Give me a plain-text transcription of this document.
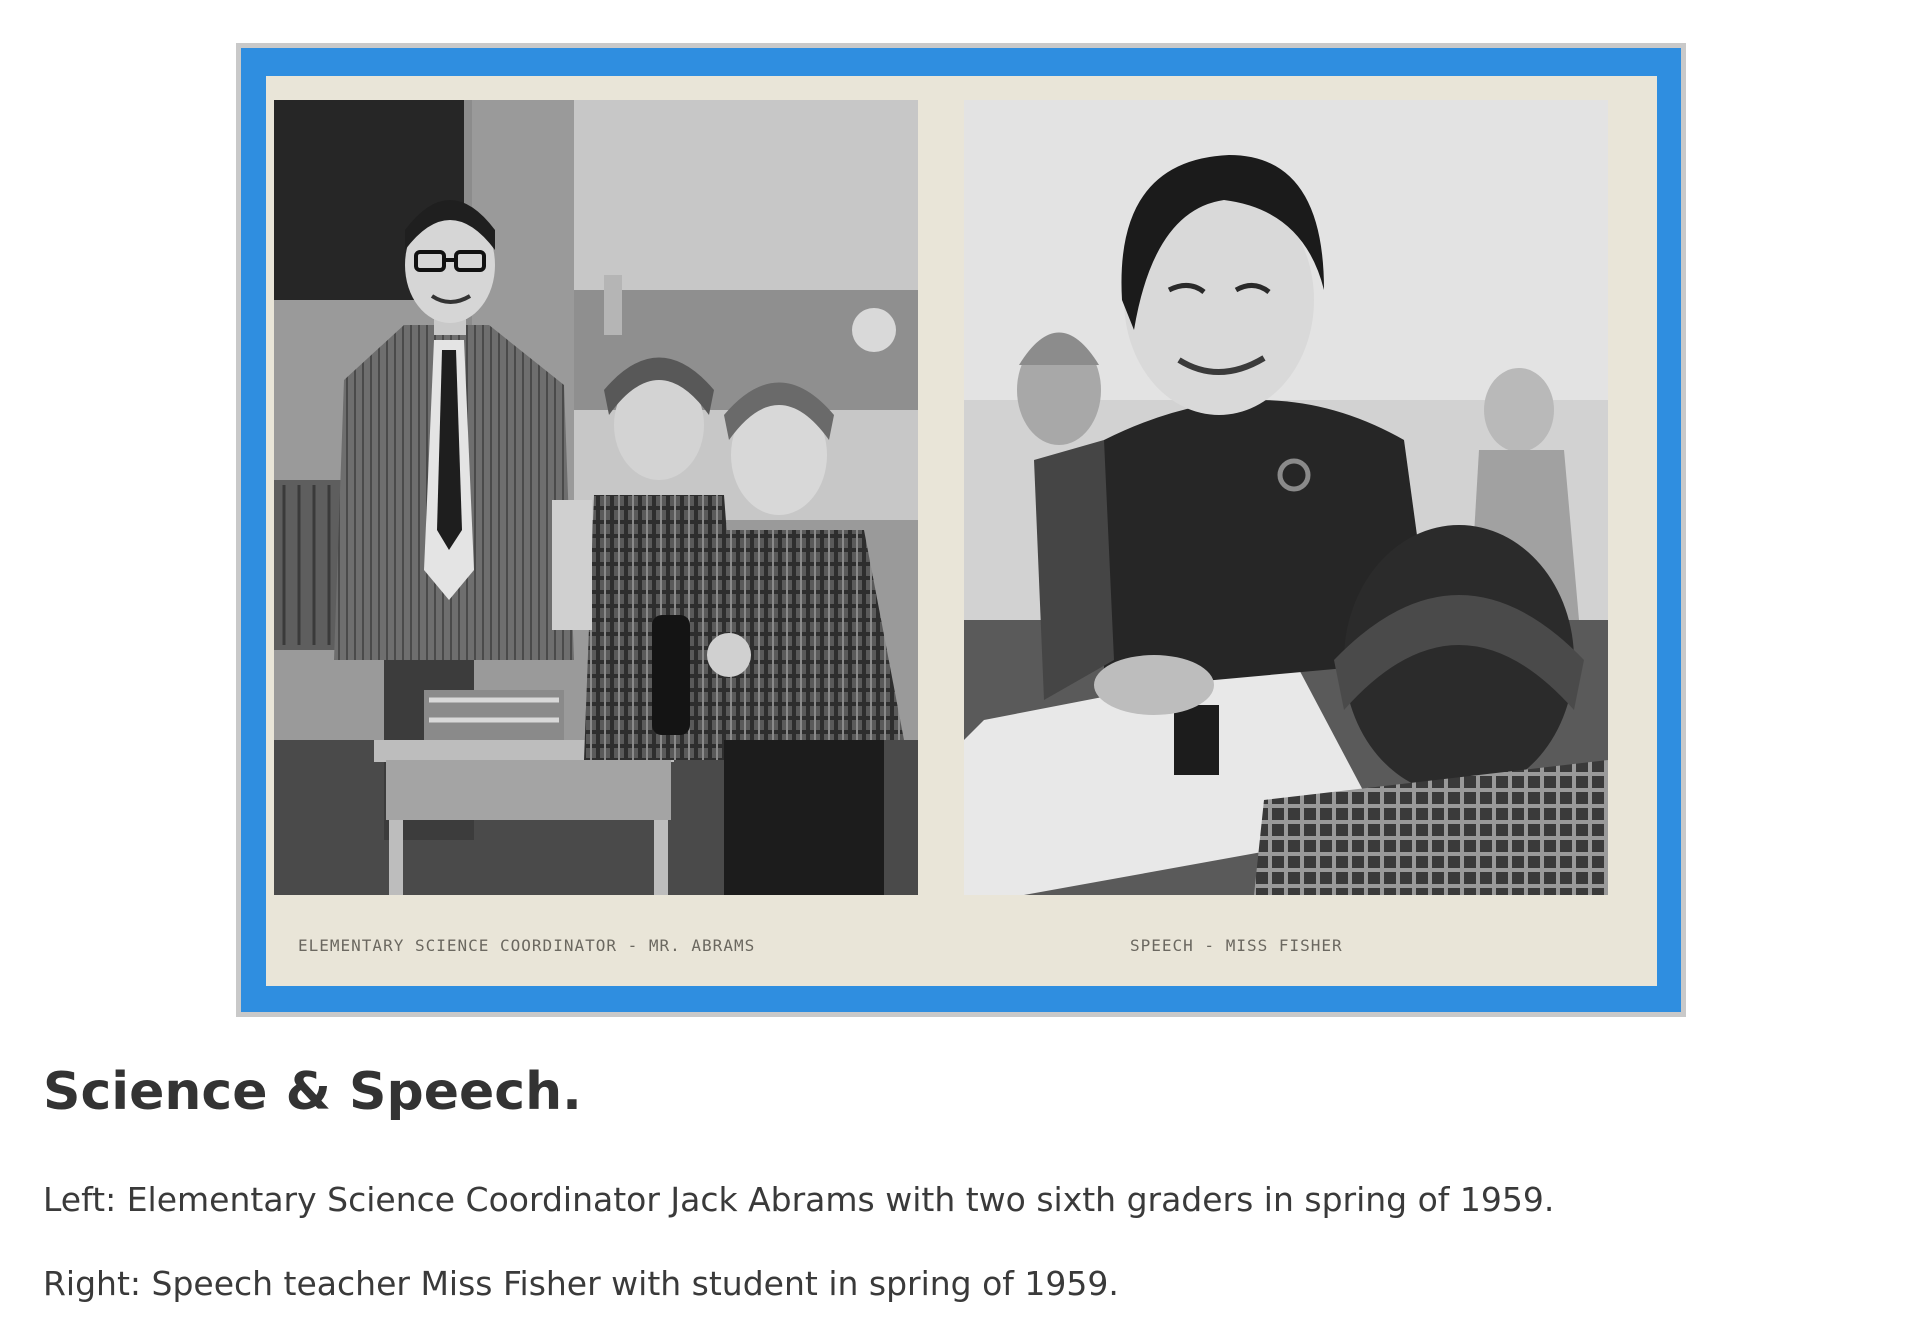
ELEMENTARY SCIENCE COORDINATOR - MR. ABRAMS	SPEECH - MISS FISHER
Science & Speech.

Left: Elementary Science Coordinator Jack Abrams with two sixth graders in spring of 1959.

Right: Speech teacher Miss Fisher with student in spring of 1959.
